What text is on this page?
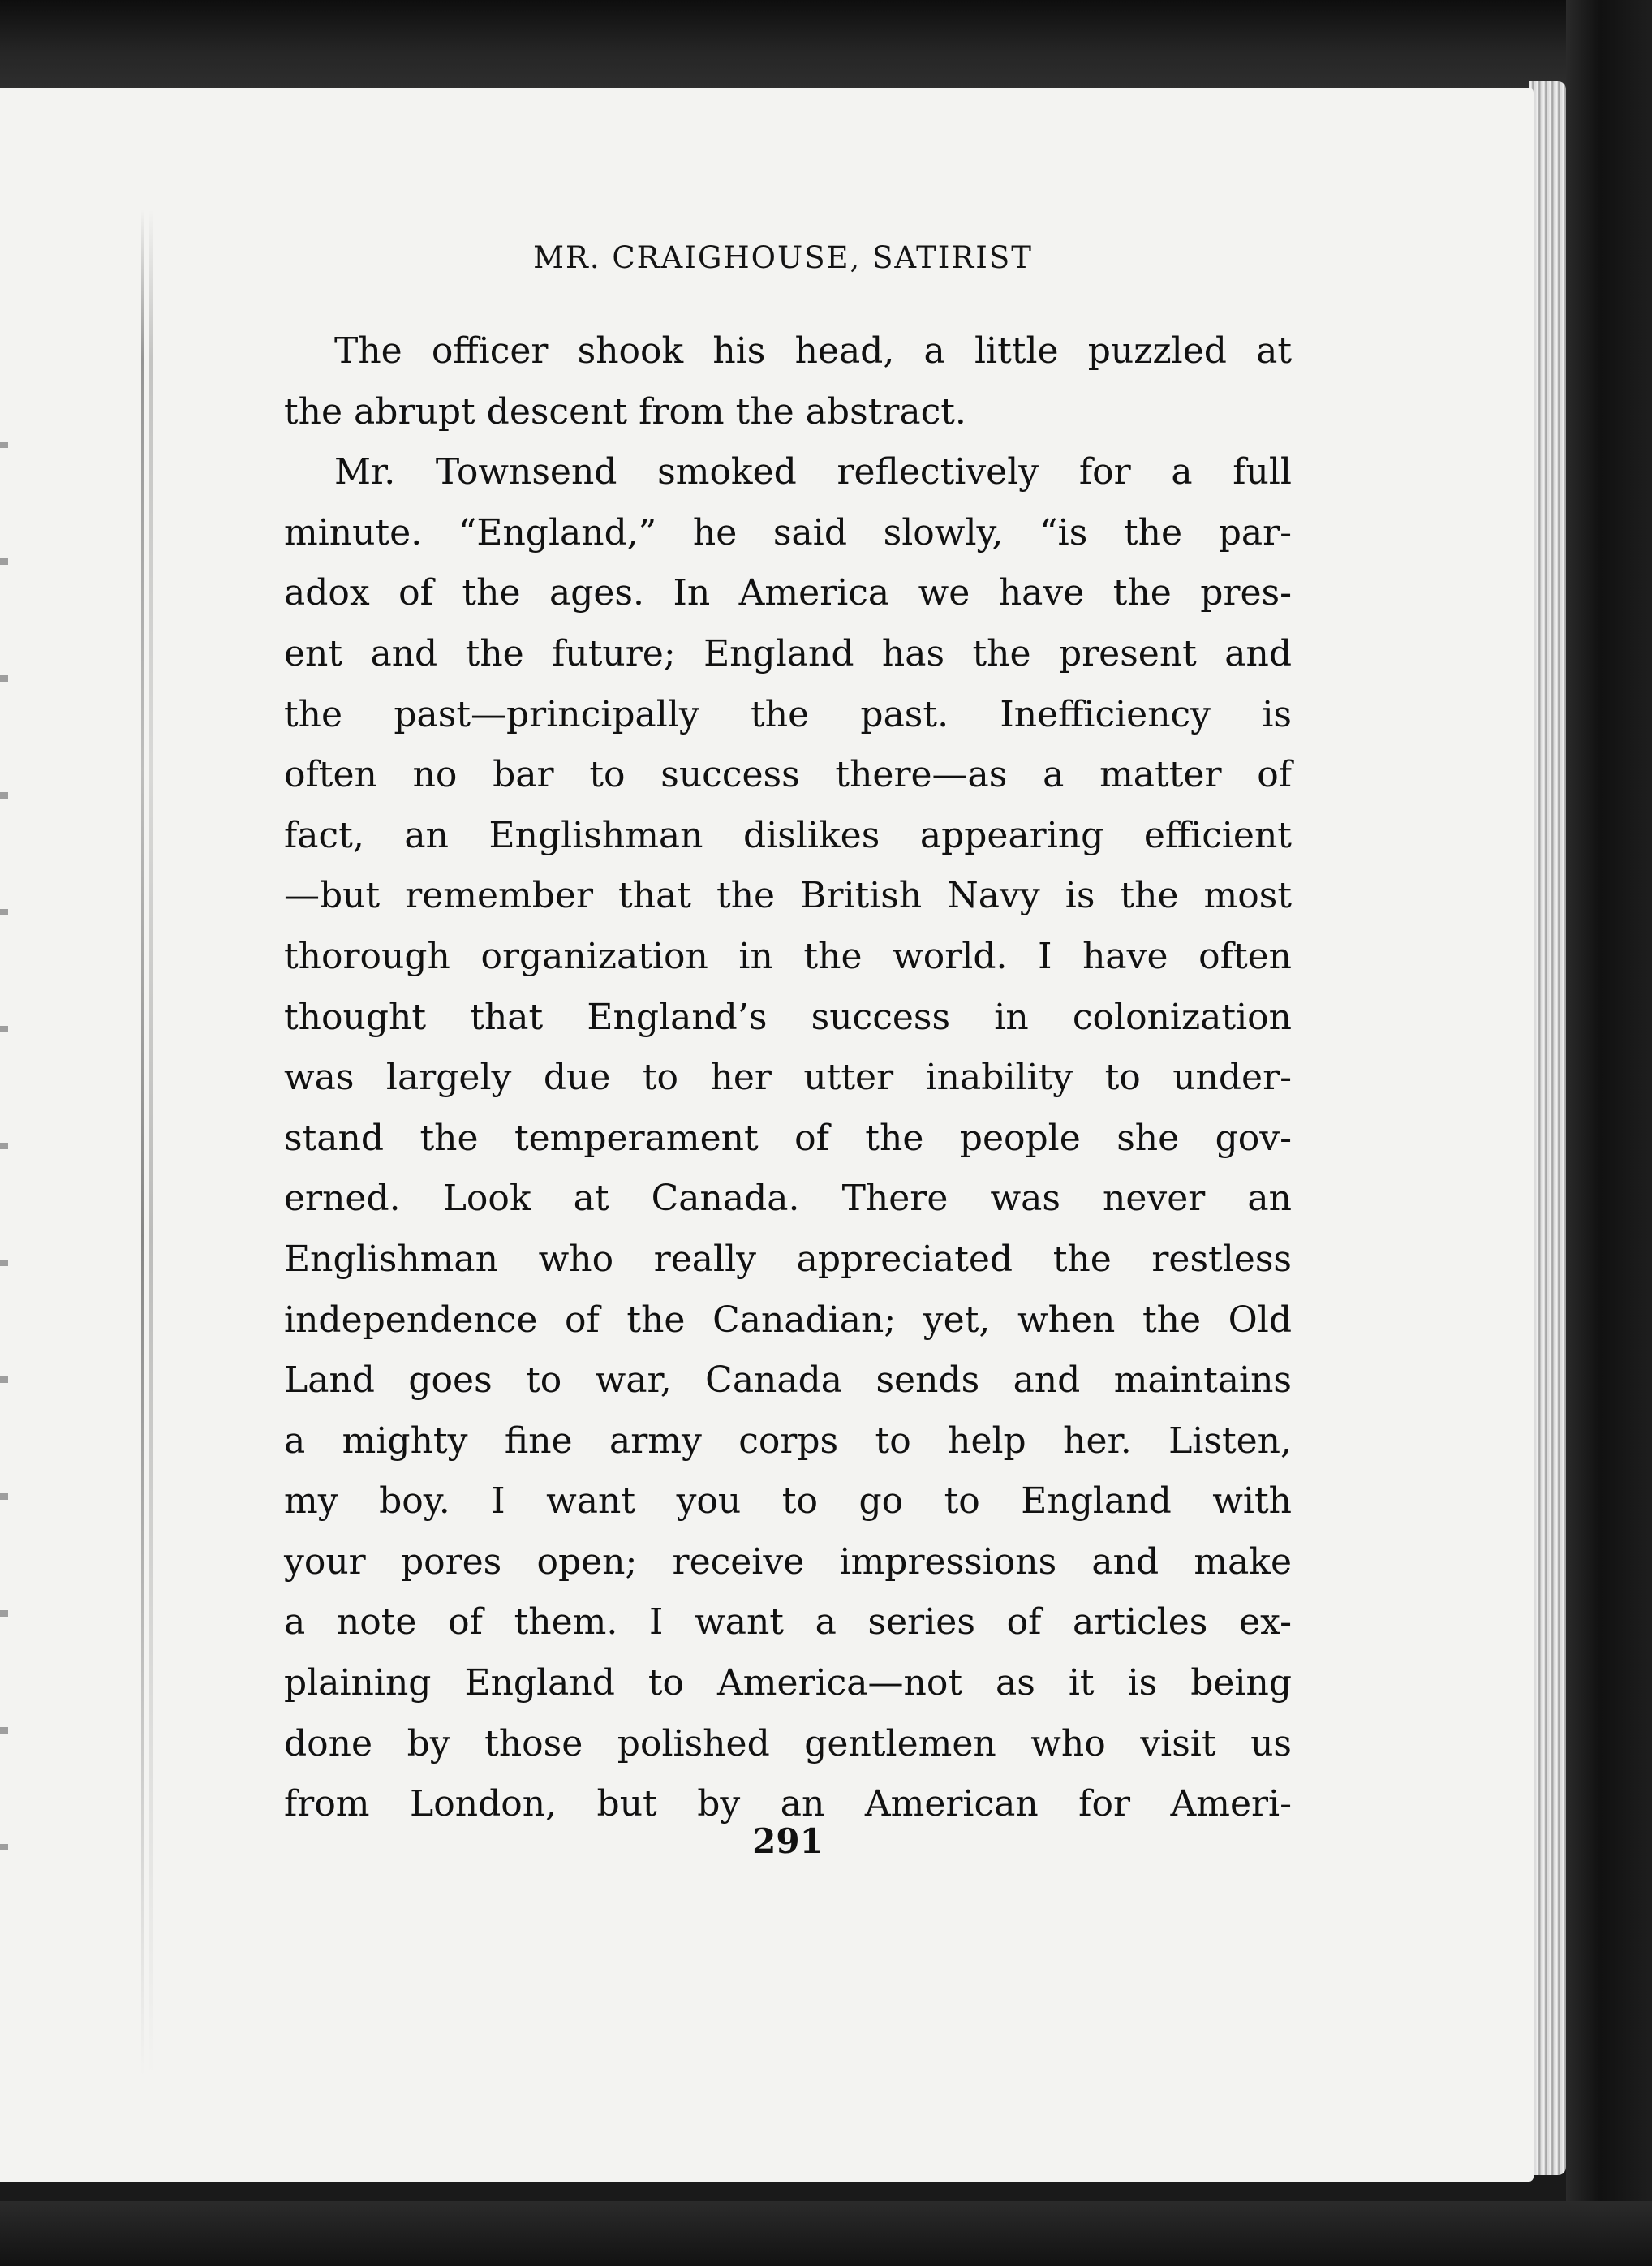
MR. CRAIGHOUSE, SATIRIST
The officer shook his head, a little puzzled at
the abrupt descent from the abstract.
Mr. Townsend smoked reflectively for a full
minute. “England,” he said slowly, “is the par-
adox of the ages. In America we have the pres-
ent and the future; England has the present and
the past—principally the past. Inefficiency is
often no bar to success there—as a matter of
fact, an Englishman dislikes appearing efficient
—but remember that the British Navy is the most
thorough organization in the world. I have often
thought that England’s success in colonization
was largely due to her utter inability to under-
stand the temperament of the people she gov-
erned. Look at Canada. There was never an
Englishman who really appreciated the restless
independence of the Canadian; yet, when the Old
Land goes to war, Canada sends and maintains
a mighty fine army corps to help her. Listen,
my boy. I want you to go to England with
your pores open; receive impressions and make
a note of them. I want a series of articles ex-
plaining England to America—not as it is being
done by those polished gentlemen who visit us
from London, but by an American for Ameri-
291
